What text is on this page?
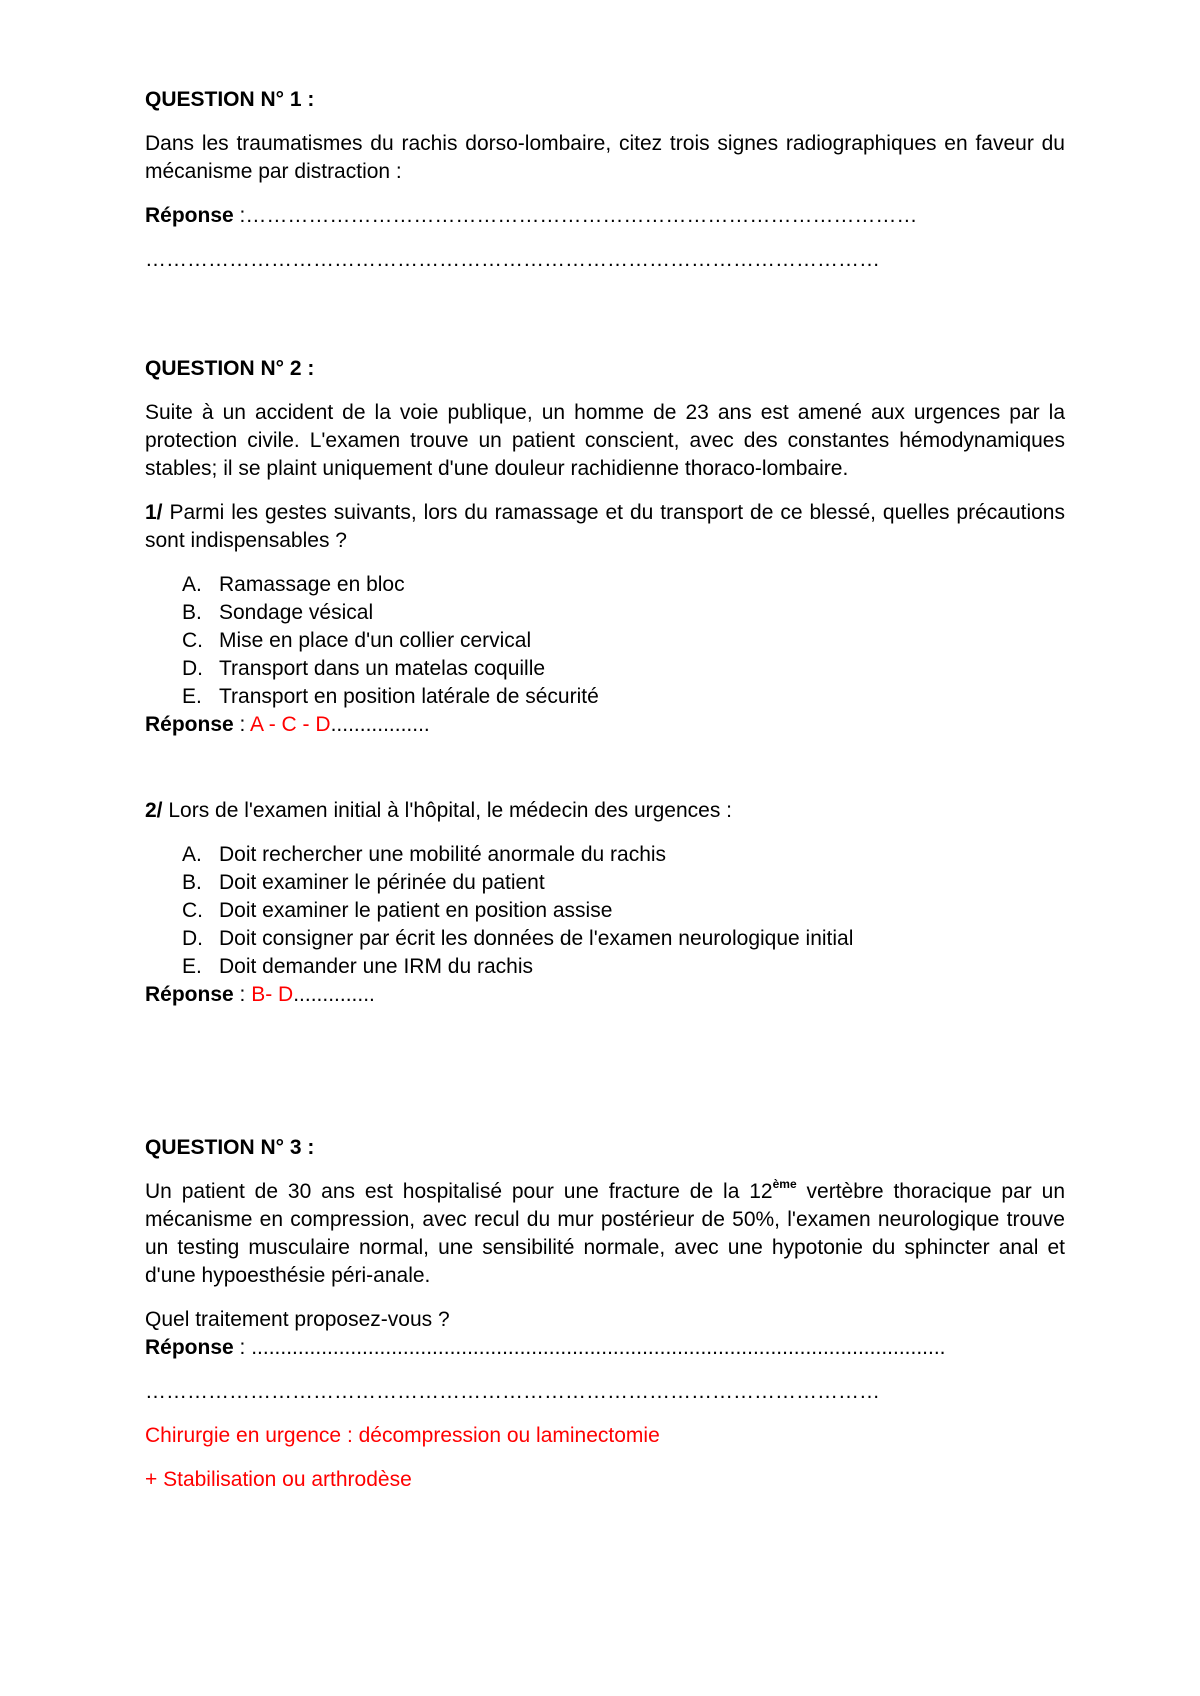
QUESTION N° 1 :

Dans les traumatismes du rachis dorso-lombaire, citez trois signes radiographiques en faveur du mécanisme par distraction :

Réponse :……………………………………………………………………………………

……………………………………………………………………………………………

QUESTION N° 2 :

Suite à un accident de la voie publique, un homme de 23 ans est amené aux urgences par la protection civile. L'examen trouve un patient conscient, avec des constantes hémodynamiques stables; il se plaint uniquement d'une douleur rachidienne thoraco-lombaire.

1/ Parmi les gestes suivants, lors du ramassage et du transport de ce blessé, quelles précautions sont indispensables ?

A. Ramassage en bloc
B. Sondage vésical
C. Mise en place d'un collier cervical
D. Transport dans un matelas coquille
E. Transport en position latérale de sécurité

Réponse : A - C - D.................

2/ Lors de l'examen initial à l'hôpital, le médecin des urgences :

A. Doit rechercher une mobilité anormale du rachis
B. Doit examiner le périnée du patient
C. Doit examiner le patient en position assise
D. Doit consigner par écrit les données de l'examen neurologique initial
E. Doit demander une IRM du rachis

Réponse : B- D..............

QUESTION N° 3 :

Un patient de 30 ans est hospitalisé pour une fracture de la 12ème vertèbre thoracique par un mécanisme en compression, avec recul du mur postérieur de 50%, l'examen neurologique trouve un testing musculaire normal, une sensibilité normale, avec une hypotonie du sphincter anal et d'une hypoesthésie péri-anale.

Quel traitement proposez-vous ?

Réponse : .......................................................................................................................

……………………………………………………………………………………………

Chirurgie en urgence : décompression ou laminectomie

+ Stabilisation ou arthrodèse
